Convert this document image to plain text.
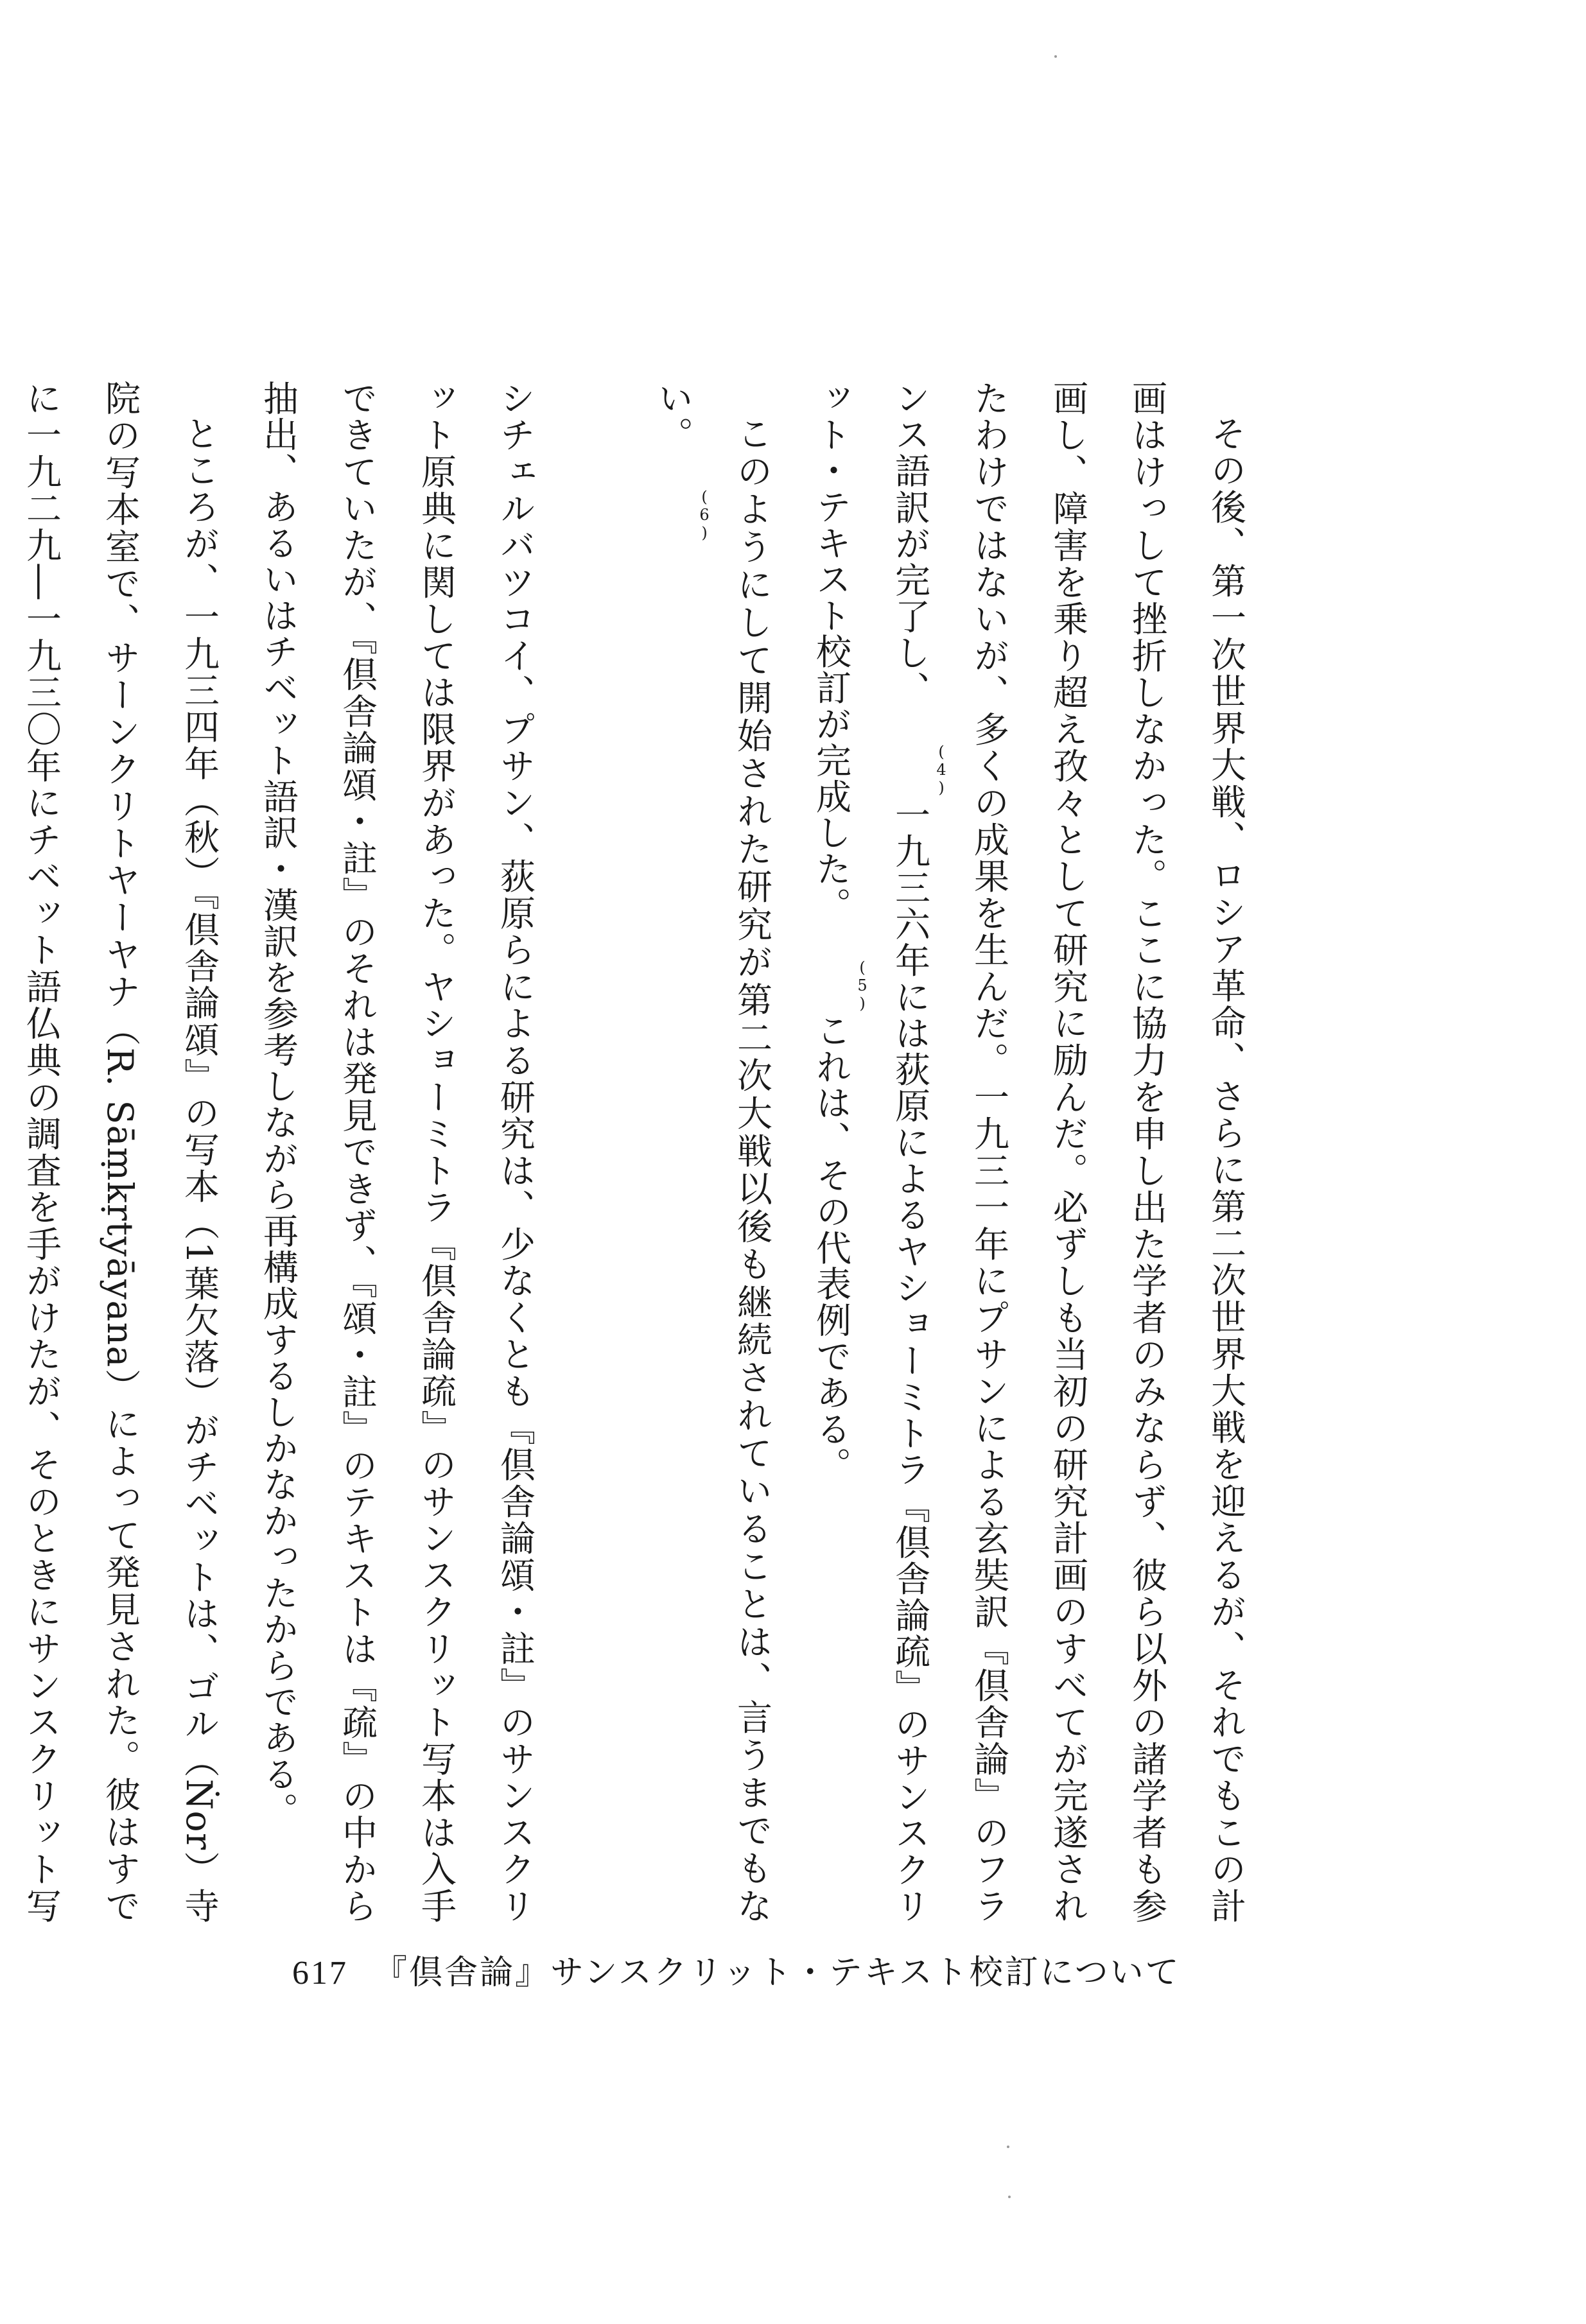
その後、第一次世界大戦、ロシア革命、さらに第二次世界大戦を迎えるが、それでもこの計画はけっして挫折しなかった。ここに協力を申し出た学者のみならず、彼ら以外の諸学者も参画し、障害を乗り超え孜々として研究に励んだ。必ずしも当初の研究計画のすべてが完遂されたわけではないが、多くの成果を生んだ。一九三一年にプサンによる玄奘訳『倶舎論』のフランス語訳が完了し、(4)一九三六年には荻原によるヤショーミトラ『倶舎論疏』のサンスクリット・テキスト校訂が完成した。(5)これは、その代表例である。

このようにして開始された研究が第二次大戦以後も継続されていることは、言うまでもない。(6)

シチェルバツコイ、プサン、荻原らによる研究は、少なくとも『倶舎論頌・註』のサンスクリット原典に関しては限界があった。ヤショーミトラ『倶舎論疏』のサンスクリット写本は入手できていたが、『倶舎論頌・註』のそれは発見できず、『頌・註』のテキストは『疏』の中から抽出、あるいはチベット語訳・漢訳を参考しながら再構成するしかなかったからである。

ところが、一九三四年（秋）『倶舎論頌』の写本（1葉欠落）がチベットは、ゴル（Ṅor）寺院の写本室で、サーンクリトヤーヤナ（R. Sāṃkṛtyāyana）によって発見された。彼はすでに一九二九―一九三〇年にチベット語仏典の調査を手がけたが、そのときにサンスクリット写

617 『倶舎論』サンスクリット・テキスト校訂について
